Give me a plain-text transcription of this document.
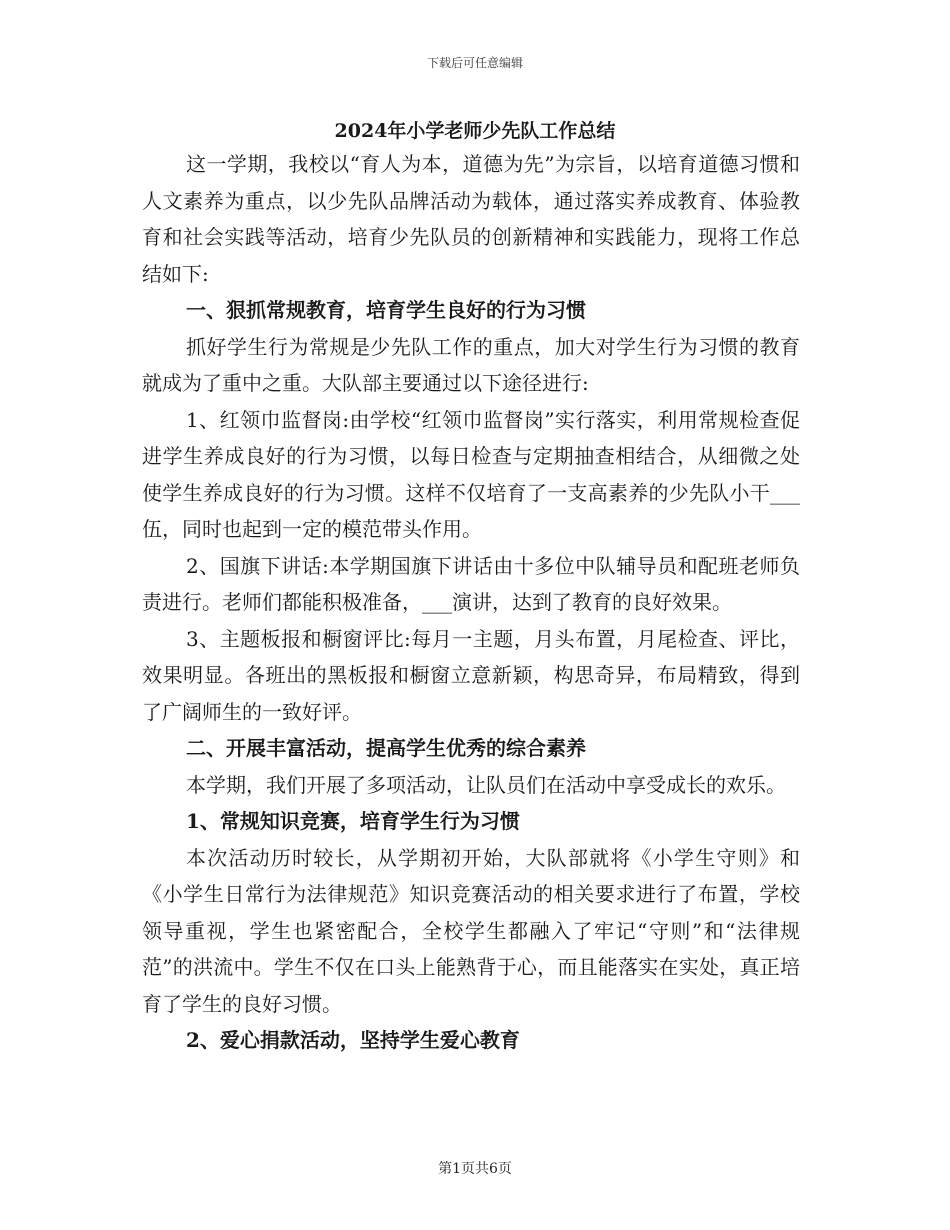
下载后可任意编辑
2024年小学老师少先队工作总结

这一学期，我校以“育人为本，道德为先”为宗旨，以培育道德习惯和人文素养为重点，以少先队品牌活动为载体，通过落实养成教育、体验教育和社会实践等活动，培育少先队员的创新精神和实践能力，现将工作总结如下:

一、狠抓常规教育，培育学生良好的行为习惯

抓好学生行为常规是少先队工作的重点，加大对学生行为习惯的教育就成为了重中之重。大队部主要通过以下途径进行:

1、红领巾监督岗:由学校“红领巾监督岗”实行落实，利用常规检查促进学生养成良好的行为习惯，以每日检查与定期抽查相结合，从细微之处使学生养成良好的行为习惯。这样不仅培育了一支高素养的少先队小干___伍，同时也起到一定的模范带头作用。

2、国旗下讲话:本学期国旗下讲话由十多位中队辅导员和配班老师负责进行。老师们都能积极准备，___演讲，达到了教育的良好效果。

3、主题板报和橱窗评比:每月一主题，月头布置，月尾检查、评比，效果明显。各班出的黑板报和橱窗立意新颖，构思奇异，布局精致，得到了广阔师生的一致好评。

二、开展丰富活动，提高学生优秀的综合素养

本学期，我们开展了多项活动，让队员们在活动中享受成长的欢乐。

1、常规知识竞赛，培育学生行为习惯

本次活动历时较长，从学期初开始，大队部就将《小学生守则》和《小学生日常行为法律规范》知识竞赛活动的相关要求进行了布置，学校领导重视，学生也紧密配合，全校学生都融入了牢记“守则”和“法律规范”的洪流中。学生不仅在口头上能熟背于心，而且能落实在实处，真正培育了学生的良好习惯。

2、爱心捐款活动，坚持学生爱心教育

第1页共6页
